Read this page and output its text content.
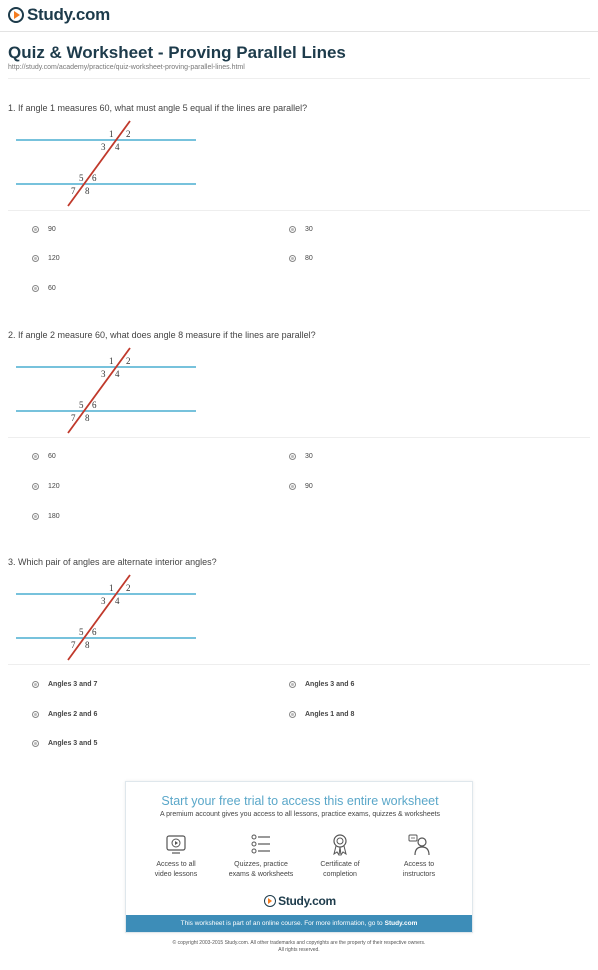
Study.com
Quiz & Worksheet - Proving Parallel Lines
http://study.com/academy/practice/quiz-worksheet-proving-parallel-lines.html
1. If angle 1 measures 60, what must angle 5 equal if the lines are parallel?
1 2
3 4
5 6
7 8
90	30
120	80
60
2. If angle 2 measure 60, what does angle 8 measure if the lines are parallel?
1 2
3 4
5 6
7 8
60	30
120	90
180
3. Which pair of angles are alternate interior angles?
1 2
3 4
5 6
7 8
Angles 3 and 7	Angles 3 and 6
Angles 2 and 6	Angles 1 and 8
Angles 3 and 5
Start your free trial to access this entire worksheet
A premium account gives you access to all lessons, practice exams, quizzes & worksheets
Access to all
video lessons
Quizzes, practice
exams & worksheets
Certificate of
completion
Access to
instructors
Study.com
This worksheet is part of an online course. For more information, go to Study.com
© copyright 2003-2015 Study.com. All other trademarks and copyrights are the property of their respective owners.
All rights reserved.
